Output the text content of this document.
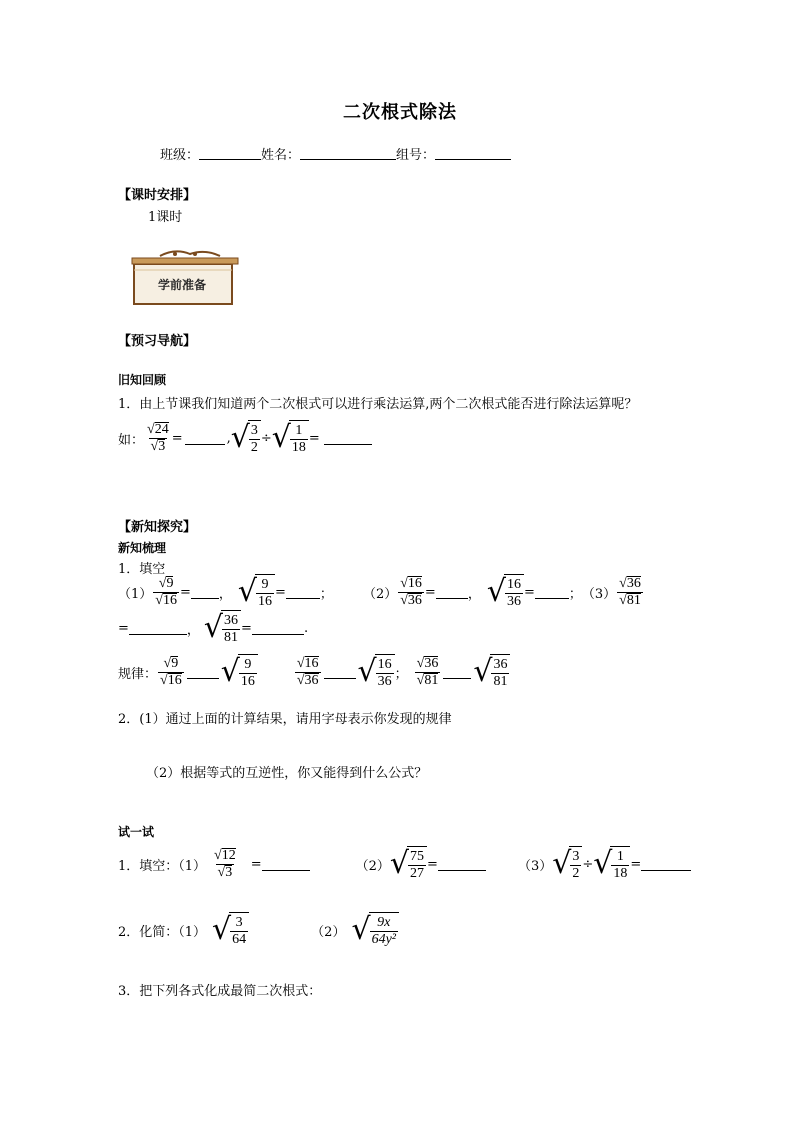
二次根式除法
班级：	姓名：	组号：
【课时安排】
1课时
学前准备
【预习导航】
旧知回顾
1．由上节课我们知道两个二次根式可以进行乘法运算,两个二次根式能否进行除法运算呢？
如： $\frac{√ 24}{√ 3}$ =	, √ $\frac{3}{2}$ ÷ √ $\frac{1}{18}$ =
【新知探究】
新知梳理
1．填空
$(1) \frac{√ 9}{√ 16}$ = ， √ $\frac{9}{16}$ =	； $(2) \frac{√ 16}{√ 36}$ = ， √ $\frac{16}{36}$ =	； $(3) \frac{√ 36}{√ 81}$
=	， √ $\frac{36}{81}$ =	.
规律： $\frac{√ 9}{√ 16}$ √ $\frac{9}{16}$	$\frac{√ 16}{√ 36}$ √ $\frac{16}{36}$ ； $\frac{√ 36}{√ 81}$ √ $\frac{36}{81}$
2．(1）通过上面的计算结果，请用字母表示你发现的规律
（2）根据等式的互逆性，你又能得到什么公式？
试一试
1．填空：$(1) \frac{√ 12}{√ 3}$ =	（2） √ $\frac{75}{27}$ =	（3） √ $\frac{3}{2}$ ÷ √ $\frac{1}{18}$ =
2．化简：（1） √ $\frac{3}{64}$	（2） √ $\frac{9x}{\text{64y²}}$
3．把下列各式化成最简二次根式：
